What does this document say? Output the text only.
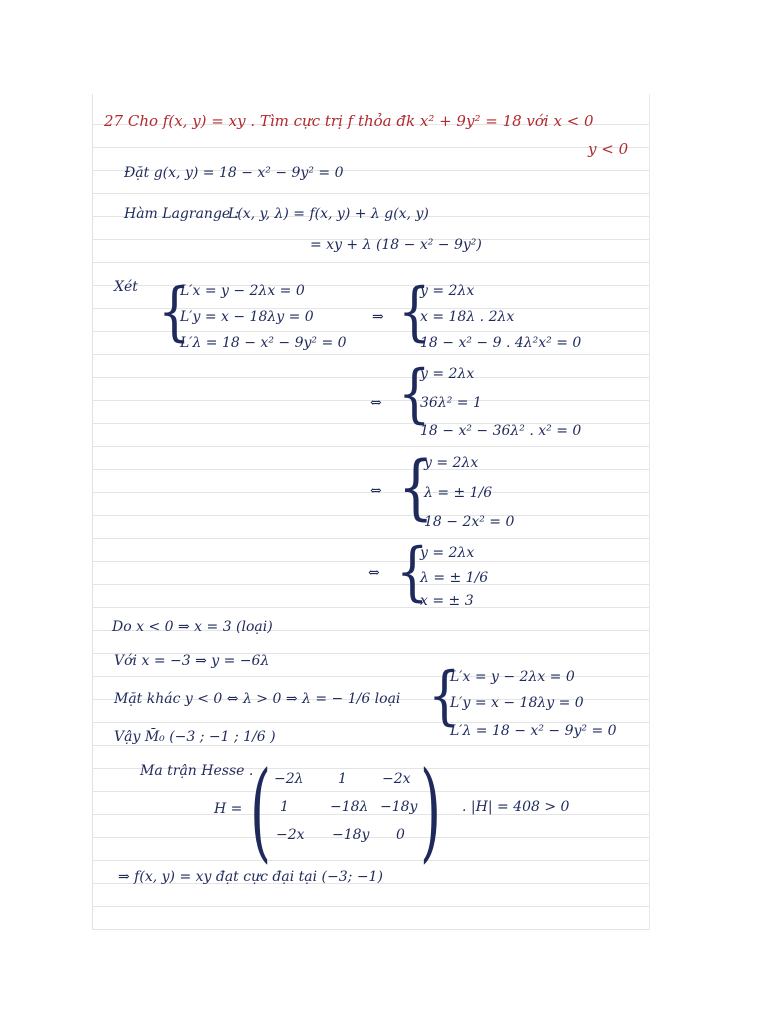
27 Cho f(x, y) = xy . Tìm cực trị f thỏa đk x² + 9y² = 18 với x < 0
y < 0
Đặt g(x, y) = 18 − x² − 9y² = 0
Hàm Lagrange :
L(x, y, λ) = f(x, y) + λ g(x, y)
= xy + λ (18 − x² − 9y²)
Xét {
L′x = y − 2λx = 0
L′y = x − 18λy = 0
L′λ = 18 − x² − 9y² = 0
⇒ {
y = 2λx
x = 18λ . 2λx
18 − x² − 9 . 4λ²x² = 0
⇔ {
y = 2λx
36λ² = 1
18 − x² − 36λ² . x² = 0
⇔ {
y = 2λx
λ = ± 1/6
18 − 2x² = 0
⇔ {
y = 2λx
λ = ± 1/6
x = ± 3
Do x < 0 ⇒ x = 3 (loại)
Với x = −3 ⇒ y = −6λ
Mặt khác y < 0 ⇔ λ > 0 ⇒ λ = − 1/6 loại {
L′x = y − 2λx = 0
L′y = x − 18λy = 0
L′λ = 18 − x² − 9y² = 0
Vậy M̄₀ (−3 ; −1 ; 1/6 )
Ma trận Hesse .
H = ( )
−2λ 1	−2x
1	−18λ −18y
−2x −18y 0
. |H| = 408 > 0
⇒ f(x, y) = xy đạt cực đại tại (−3; −1)
